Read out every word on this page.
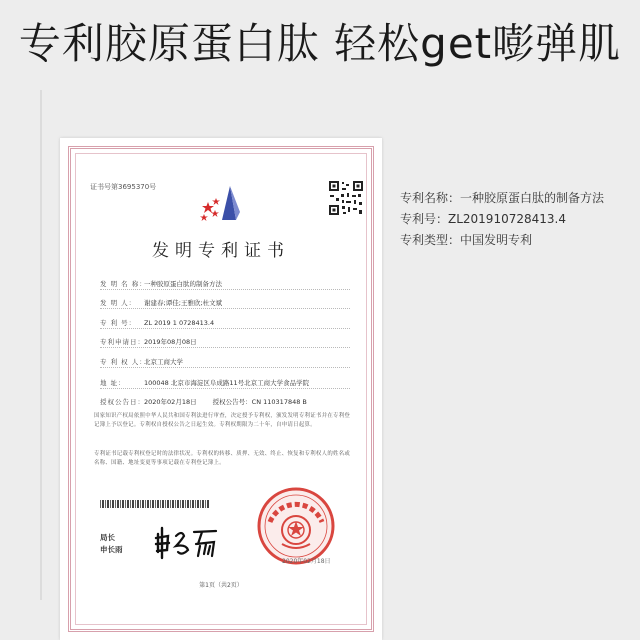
专利胶原蛋白肽 轻松get嘭弹肌
证书号第3695370号
发明专利证书
发 明 名 称：一种胶原蛋白肽的制备方法
发 明 人： 谢建春;谭佳;王雅欣;杜文斌
专 利 号： ZL 2019 1 0728413.4
专利申请日：2019年08月08日
专 利 权 人：北京工商大学
地 址：	100048 北京市海淀区阜成路11号北京工商大学食品学院
授权公告日：2020年02月18日 授权公告号：CN 110317848 B
国家知识产权局依照中华人民共和国专利法进行审查，决定授予专利权，颁发发明专利证书并在专利登记簿上予以登记。专利权自授权公告之日起生效。专利权期限为二十年，自申请日起算。
专利证书记载专利权登记时的法律状况。专利权的转移、质押、无效、终止、恢复和专利权人的姓名或名称、国籍、地址变更等事项记载在专利登记簿上。
局长
申长雨
2020年02月18日
第1页（共2页）
专利名称：一种胶原蛋白肽的制备方法
专利号：ZL201910728413.4
专利类型：中国发明专利
